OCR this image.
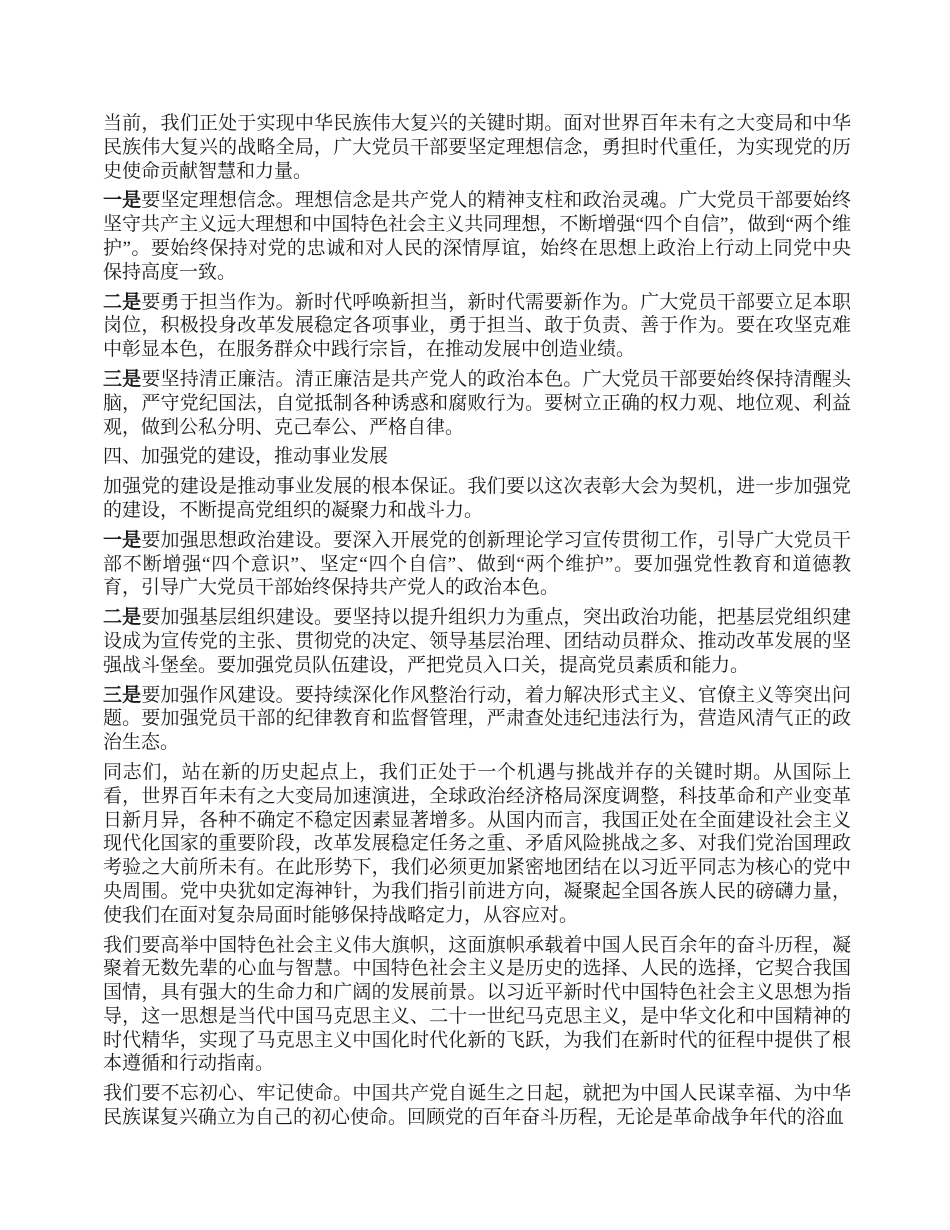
当前，我们正处于实现中华民族伟大复兴的关键时期。面对世界百年未有之大变局和中华民族伟大复兴的战略全局，广大党员干部要坚定理想信念，勇担时代重任，为实现党的历史使命贡献智慧和力量。

一是要坚定理想信念。理想信念是共产党人的精神支柱和政治灵魂。广大党员干部要始终坚守共产主义远大理想和中国特色社会主义共同理想，不断增强“四个自信”，做到“两个维护”。要始终保持对党的忠诚和对人民的深情厚谊，始终在思想上政治上行动上同党中央保持高度一致。

二是要勇于担当作为。新时代呼唤新担当，新时代需要新作为。广大党员干部要立足本职岗位，积极投身改革发展稳定各项事业，勇于担当、敢于负责、善于作为。要在攻坚克难中彰显本色，在服务群众中践行宗旨，在推动发展中创造业绩。

三是要坚持清正廉洁。清正廉洁是共产党人的政治本色。广大党员干部要始终保持清醒头脑，严守党纪国法，自觉抵制各种诱惑和腐败行为。要树立正确的权力观、地位观、利益观，做到公私分明、克己奉公、严格自律。

四、加强党的建设，推动事业发展

加强党的建设是推动事业发展的根本保证。我们要以这次表彰大会为契机，进一步加强党的建设，不断提高党组织的凝聚力和战斗力。

一是要加强思想政治建设。要深入开展党的创新理论学习宣传贯彻工作，引导广大党员干部不断增强“四个意识”、坚定“四个自信”、做到“两个维护”。要加强党性教育和道德教育，引导广大党员干部始终保持共产党人的政治本色。

二是要加强基层组织建设。要坚持以提升组织力为重点，突出政治功能，把基层党组织建设成为宣传党的主张、贯彻党的决定、领导基层治理、团结动员群众、推动改革发展的坚强战斗堡垒。要加强党员队伍建设，严把党员入口关，提高党员素质和能力。

三是要加强作风建设。要持续深化作风整治行动，着力解决形式主义、官僚主义等突出问题。要加强党员干部的纪律教育和监督管理，严肃查处违纪违法行为，营造风清气正的政治生态。

同志们，站在新的历史起点上，我们正处于一个机遇与挑战并存的关键时期。从国际上看，世界百年未有之大变局加速演进，全球政治经济格局深度调整，科技革命和产业变革日新月异，各种不确定不稳定因素显著增多。从国内而言，我国正处在全面建设社会主义现代化国家的重要阶段，改革发展稳定任务之重、矛盾风险挑战之多、对我们党治国理政考验之大前所未有。在此形势下，我们必须更加紧密地团结在以习近平同志为核心的党中央周围。党中央犹如定海神针，为我们指引前进方向，凝聚起全国各族人民的磅礴力量，使我们在面对复杂局面时能够保持战略定力，从容应对。

我们要高举中国特色社会主义伟大旗帜，这面旗帜承载着中国人民百余年的奋斗历程，凝聚着无数先辈的心血与智慧。中国特色社会主义是历史的选择、人民的选择，它契合我国国情，具有强大的生命力和广阔的发展前景。以习近平新时代中国特色社会主义思想为指导，这一思想是当代中国马克思主义、二十一世纪马克思主义，是中华文化和中国精神的时代精华，实现了马克思主义中国化时代化新的飞跃，为我们在新时代的征程中提供了根本遵循和行动指南。

我们要不忘初心、牢记使命。中国共产党自诞生之日起，就把为中国人民谋幸福、为中华民族谋复兴确立为自己的初心使命。回顾党的百年奋斗历程，无论是革命战争年代的浴血
